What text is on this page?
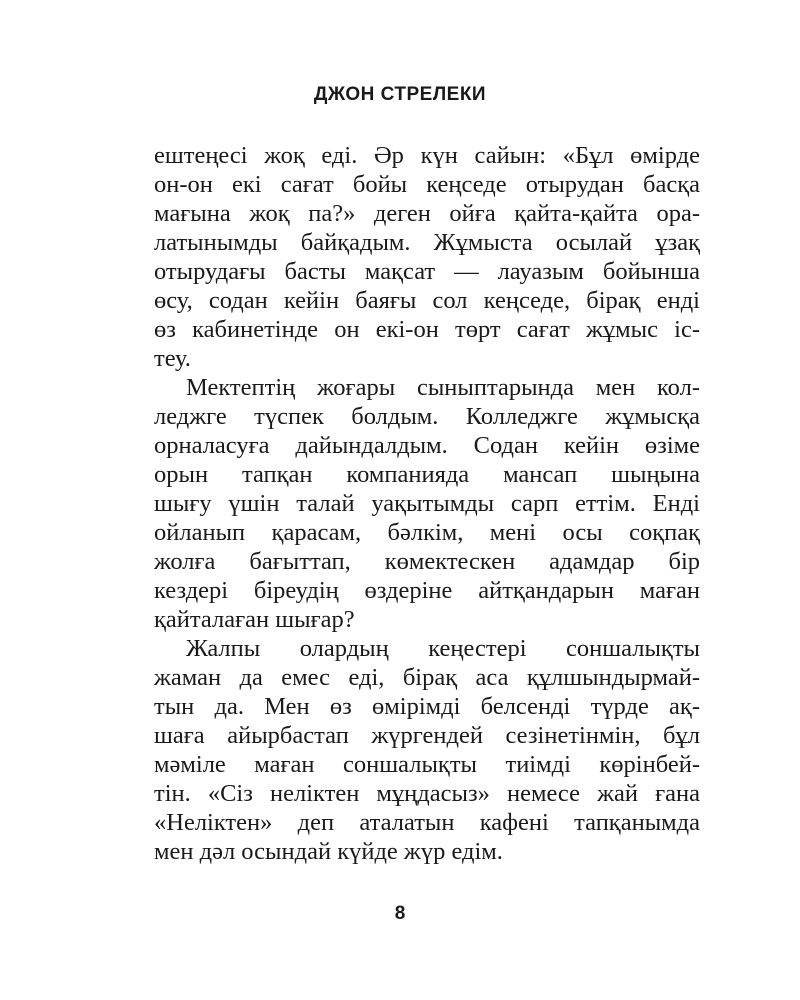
ДЖОН СТРЕЛЕКИ
ештеңесі жоқ еді. Әр күн сайын: «Бұл өмірде
он-он екі сағат бойы кеңседе отырудан басқа
мағына жоқ па?» деген ойға қайта-қайта ора-
латынымды байқадым. Жұмыста осылай ұзақ
отырудағы басты мақсат — лауазым бойынша
өсу, содан кейін баяғы сол кеңседе, бірақ енді
өз кабинетінде он екі-он төрт сағат жұмыс іс-
теу.
Мектептің жоғары сыныптарында мен кол-
леджге түспек болдым. Колледжге жұмысқа
орналасуға дайындалдым. Содан кейін өзіме
орын тапқан компанияда мансап шыңына
шығу үшін талай уақытымды сарп еттім. Енді
ойланып қарасам, бәлкім, мені осы соқпақ
жолға бағыттап, көмектескен адамдар бір
кездері біреудің өздеріне айтқандарын маған
қайталаған шығар?
Жалпы олардың кеңестері соншалықты
жаман да емес еді, бірақ аса құлшындырмай-
тын да. Мен өз өмірімді белсенді түрде ақ-
шаға айырбастап жүргендей сезінетінмін, бұл
мәміле маған соншалықты тиімді көрінбей-
тін. «Сіз неліктен мұңдасыз» немесе жай ғана
«Неліктен» деп аталатын кафені тапқанымда
мен дәл осындай күйде жүр едім.
8
